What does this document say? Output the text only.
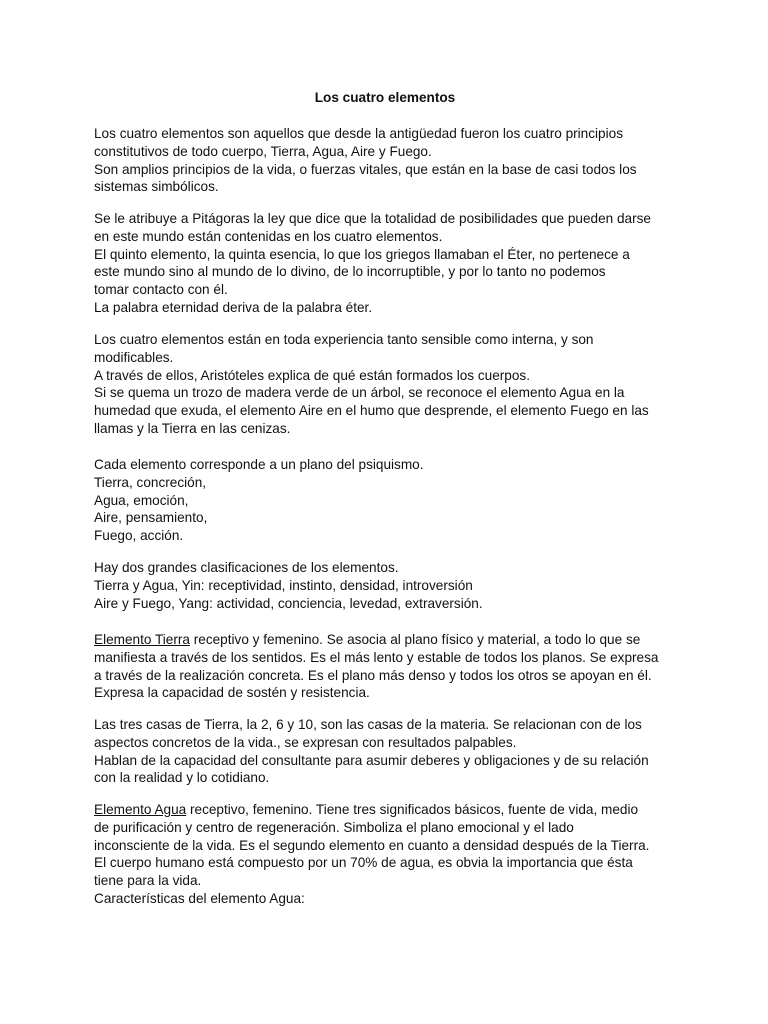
Los cuatro elementos
Los cuatro elementos son aquellos que desde la antigüedad fueron los cuatro principios
constitutivos de todo cuerpo, Tierra, Agua, Aire y Fuego.
Son amplios principios de la vida, o fuerzas vitales, que están en la base de casi todos los
sistemas simbólicos.
Se le atribuye a Pitágoras la ley que dice que la totalidad de posibilidades que pueden darse
en este mundo están contenidas en los cuatro elementos.
El quinto elemento, la quinta esencia, lo que los griegos llamaban el Éter, no pertenece a
este mundo sino al mundo de lo divino, de lo incorruptible, y por lo tanto no podemos
tomar contacto con él.
La palabra eternidad deriva de la palabra éter.
Los cuatro elementos están en toda experiencia tanto sensible como interna, y son
modificables.
A través de ellos, Aristóteles explica de qué están formados los cuerpos.
Si se quema un trozo de madera verde de un árbol, se reconoce el elemento Agua en la
humedad que exuda, el elemento Aire en el humo que desprende, el elemento Fuego en las
llamas y la Tierra en las cenizas.
Cada elemento corresponde a un plano del psiquismo.
Tierra, concreción,
Agua, emoción,
Aire, pensamiento,
Fuego, acción.
Hay dos grandes clasificaciones de los elementos.
Tierra y Agua, Yin: receptividad, instinto, densidad, introversión
Aire y Fuego, Yang: actividad, conciencia, levedad, extraversión.
Elemento Tierra receptivo y femenino. Se asocia al plano físico y material, a todo lo que se
manifiesta a través de los sentidos. Es el más lento y estable de todos los planos. Se expresa
a través de la realización concreta. Es el plano más denso y todos los otros se apoyan en él.
Expresa la capacidad de sostén y resistencia.
Las tres casas de Tierra, la 2, 6 y 10, son las casas de la materia. Se relacionan con de los
aspectos concretos de la vida., se expresan con resultados palpables.
Hablan de la capacidad del consultante para asumir deberes y obligaciones y de su relación
con la realidad y lo cotidiano.
Elemento Agua receptivo, femenino. Tiene tres significados básicos, fuente de vida, medio
de purificación y centro de regeneración. Simboliza el plano emocional y el lado
inconsciente de la vida. Es el segundo elemento en cuanto a densidad después de la Tierra.
El cuerpo humano está compuesto por un 70% de agua, es obvia la importancia que ésta
tiene para la vida.
Características del elemento Agua:
